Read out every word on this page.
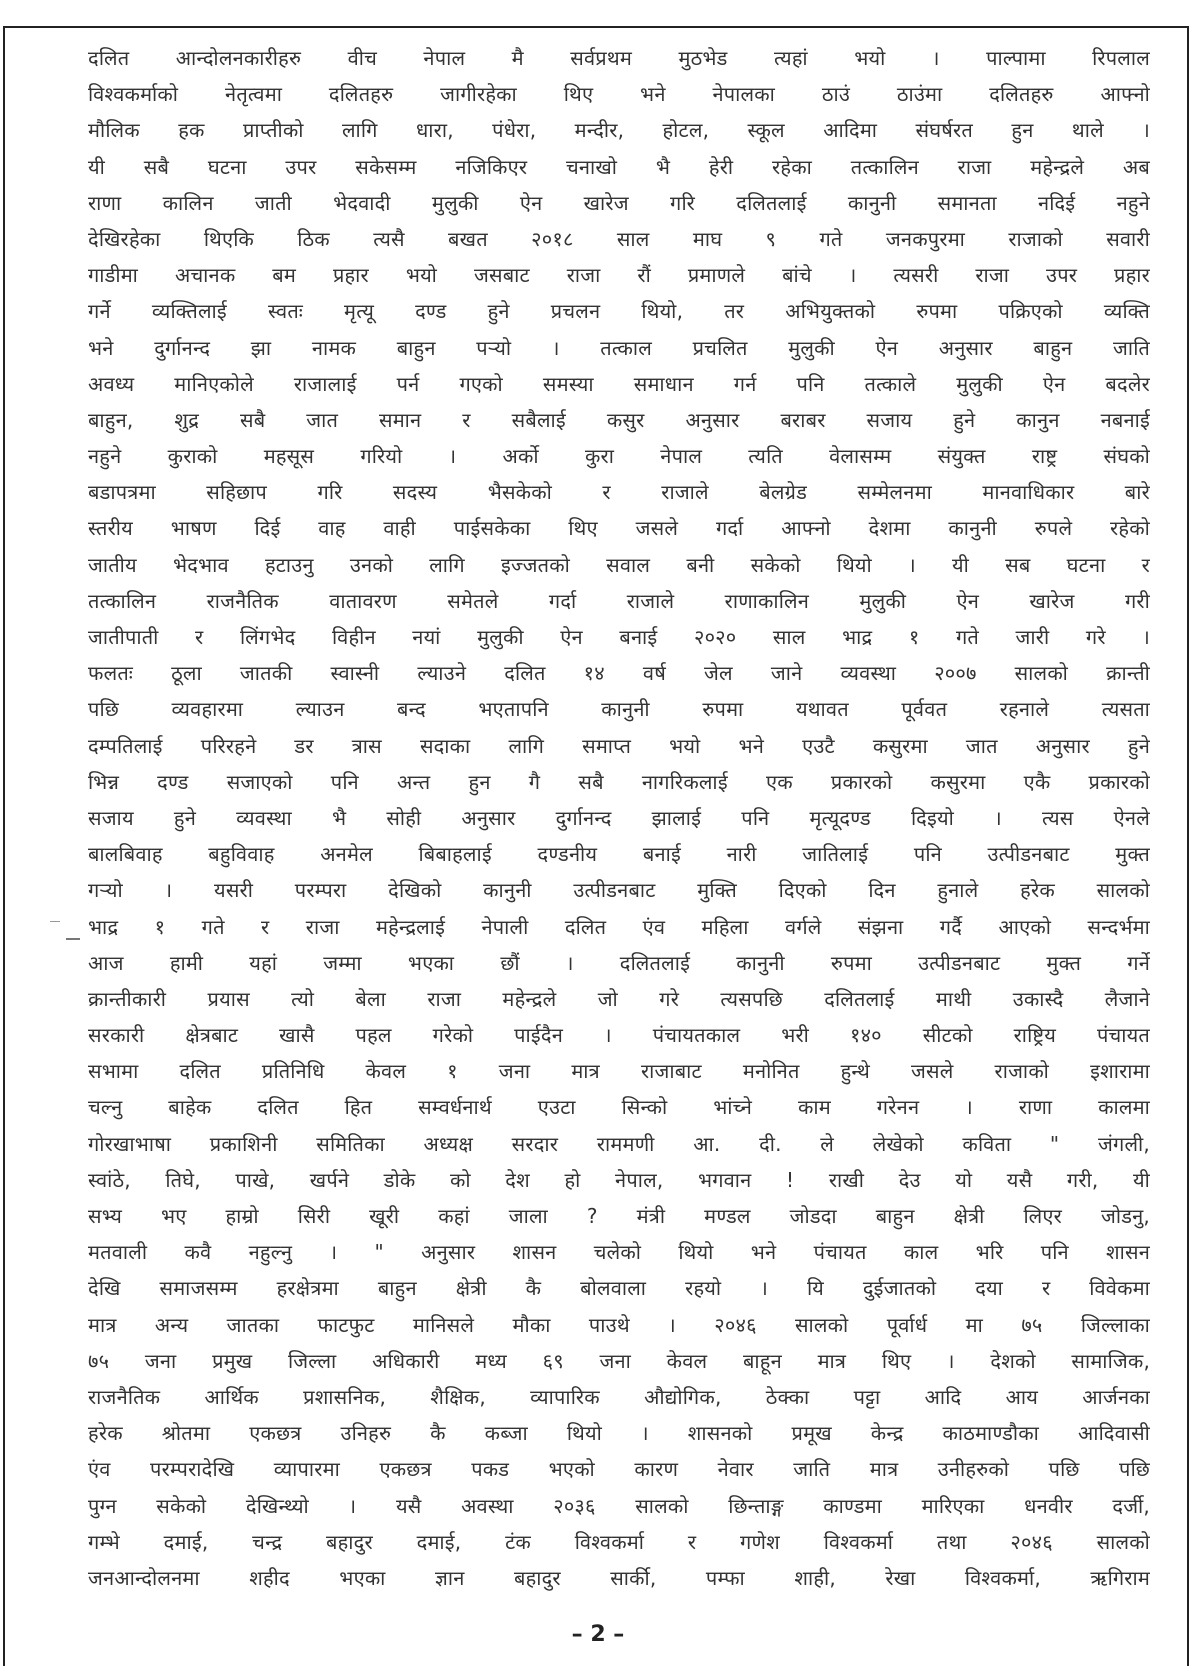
दलित आन्दोलनकारीहरु वीच नेपाल मै सर्वप्रथम मुठभेड त्यहां भयो । पाल्पामा रिपलाल
विश्वकर्माको नेतृत्वमा दलितहरु जागीरहेका थिए भने नेपालका ठाउं ठाउंमा दलितहरु आफ्नो
मौलिक हक प्राप्तीको लागि धारा, पंधेरा, मन्दीर, होटल, स्कूल आदिमा संघर्षरत हुन थाले ।
यी सबै घटना उपर सकेसम्म नजिकिएर चनाखो भै हेरी रहेका तत्कालिन राजा महेन्द्रले अब
राणा कालिन जाती भेदवादी मुलुकी ऐन खारेज गरि दलितलाई कानुनी समानता नदिई नहुने
देखिरहेका थिएकि ठिक त्यसै बखत २०१८ साल माघ ९ गते जनकपुरमा राजाको सवारी
गाडीमा अचानक बम प्रहार भयो जसबाट राजा रौं प्रमाणले बांचे । त्यसरी राजा उपर प्रहार
गर्ने व्यक्तिलाई स्वतः मृत्यू दण्ड हुने प्रचलन थियो, तर अभियुक्तको रुपमा पक्रिएको व्यक्ति
भने दुर्गानन्द झा नामक बाहुन पर्‍यो । तत्काल प्रचलित मुलुकी ऐन अनुसार बाहुन जाति
अवध्य मानिएकोले राजालाई पर्न गएको समस्या समाधान गर्न पनि तत्काले मुलुकी ऐन बदलेर
बाहुन, शुद्र सबै जात समान र सबैलाई कसुर अनुसार बराबर सजाय हुने कानुन नबनाई
नहुने कुराको महसूस गरियो । अर्को कुरा नेपाल त्यति वेलासम्म संयुक्त राष्ट्र संघको
बडापत्रमा सहिछाप गरि सदस्य भैसकेको र राजाले बेलग्रेड सम्मेलनमा मानवाधिकार बारे
स्तरीय भाषण दिई वाह वाही पाईसकेका थिए जसले गर्दा आफ्नो देशमा कानुनी रुपले रहेको
जातीय भेदभाव हटाउनु उनको लागि इज्जतको सवाल बनी सकेको थियो । यी सब घटना र
तत्कालिन राजनैतिक वातावरण समेतले गर्दा राजाले राणाकालिन मुलुकी ऐन खारेज गरी
जातीपाती र लिंगभेद विहीन नयां मुलुकी ऐन बनाई २०२० साल भाद्र १ गते जारी गरे ।
फलतः ठूला जातकी स्वास्नी ल्याउने दलित १४ वर्ष जेल जाने व्यवस्था २००७ सालको क्रान्ती
पछि व्यवहारमा ल्याउन बन्द भएतापनि कानुनी रुपमा यथावत पूर्ववत रहनाले त्यसता
दम्पतिलाई परिरहने डर त्रास सदाका लागि समाप्त भयो भने एउटै कसुरमा जात अनुसार हुने
भिन्न दण्ड सजाएको पनि अन्त हुन गै सबै नागरिकलाई एक प्रकारको कसुरमा एकै प्रकारको
सजाय हुने व्यवस्था भै सोही अनुसार दुर्गानन्द झालाई पनि मृत्यूदण्ड दिइयो । त्यस ऐनले
बालबिवाह बहुविवाह अनमेल बिबाहलाई दण्डनीय बनाई नारी जातिलाई पनि उत्पीडनबाट मुक्त
गर्‍यो । यसरी परम्परा देखिको कानुनी उत्पीडनबाट मुक्ति दिएको दिन हुनाले हरेक सालको
भाद्र १ गते र राजा महेन्द्रलाई नेपाली दलित एंव महिला वर्गले संझना गर्दै आएको सन्दर्भमा
आज हामी यहां जम्मा भएका छौं । दलितलाई कानुनी रुपमा उत्पीडनबाट मुक्त गर्ने
क्रान्तीकारी प्रयास त्यो बेला राजा महेन्द्रले जो गरे त्यसपछि दलितलाई माथी उकास्दै लैजाने
सरकारी क्षेत्रबाट खासै पहल गरेको पाईदैन । पंचायतकाल भरी १४० सीटको राष्ट्रिय पंचायत
सभामा दलित प्रतिनिधि केवल १ जना मात्र राजाबाट मनोनित हुन्थे जसले राजाको इशारामा
चल्नु बाहेक दलित हित सम्वर्धनार्थ एउटा सिन्को भांच्ने काम गरेनन । राणा कालमा
गोरखाभाषा प्रकाशिनी समितिका अध्यक्ष सरदार राममणी आ. दी. ले लेखेको कविता " जंगली,
स्वांठे, तिघे, पाखे, खर्पने डोके को देश हो नेपाल, भगवान ! राखी देउ यो यसै गरी, यी
सभ्य भए हाम्रो सिरी खूरी कहां जाला ? मंत्री मण्डल जोडदा बाहुन क्षेत्री लिएर जोडनु,
मतवाली कवै नहुल्नु । " अनुसार शासन चलेको थियो भने पंचायत काल भरि पनि शासन
देखि समाजसम्म हरक्षेत्रमा बाहुन क्षेत्री कै बोलवाला रहयो । यि दुईजातको दया र विवेकमा
मात्र अन्य जातका फाटफुट मानिसले मौका पाउथे । २०४६ सालको पूर्वार्ध मा ७५ जिल्लाका
७५ जना प्रमुख जिल्ला अधिकारी मध्य ६९ जना केवल बाहून मात्र थिए । देशको सामाजिक,
राजनैतिक आर्थिक प्रशासनिक, शैक्षिक, व्यापारिक औद्योगिक, ठेक्का पट्टा आदि आय आर्जनका
हरेक श्रोतमा एकछत्र उनिहरु कै कब्जा थियो । शासनको प्रमूख केन्द्र काठमाण्डौका आदिवासी
एंव परम्परादेखि व्यापारमा एकछत्र पकड भएको कारण नेवार जाति मात्र उनीहरुको पछि पछि
पुग्न सकेको देखिन्थ्यो । यसै अवस्था २०३६ सालको छिन्ताङ्ग काण्डमा मारिएका धनवीर दर्जी,
गम्भे दमाई, चन्द्र बहादुर दमाई, टंक विश्वकर्मा र गणेश विश्वकर्मा तथा २०४६ सालको
जनआन्दोलनमा शहीद भएका ज्ञान बहादुर सार्की, पम्फा शाही, रेखा विश्वकर्मा, ऋगिराम
– 2 –
